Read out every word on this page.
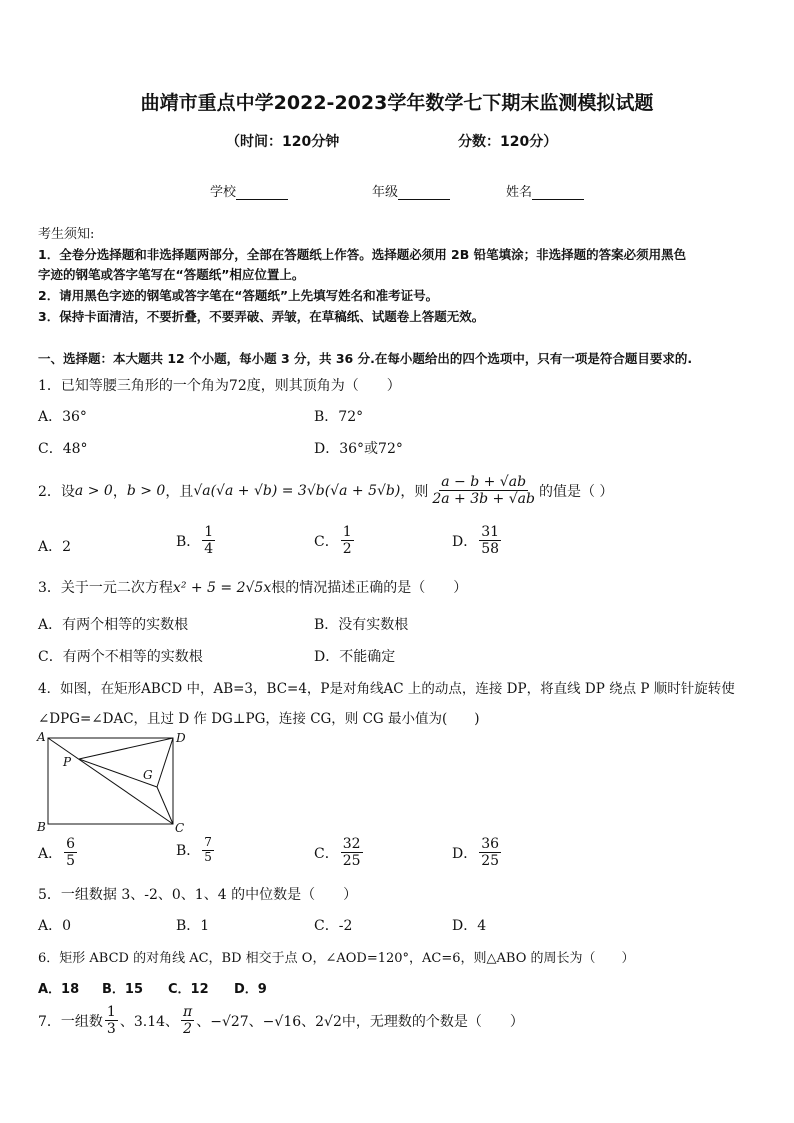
曲靖市重点中学2022-2023学年数学七下期末监测模拟试题
（时间：120分钟	分数：120分）
学校	年级	姓名
考生须知:
1．全卷分选择题和非选择题两部分，全部在答题纸上作答。选择题必须用 2B 铅笔填涂；非选择题的答案必须用黑色
字迹的钢笔或答字笔写在“答题纸”相应位置上。
2．请用黑色字迹的钢笔或答字笔在“答题纸”上先填写姓名和准考证号。
3．保持卡面清洁，不要折叠，不要弄破、弄皱，在草稿纸、试题卷上答题无效。
一、选择题：本大题共 12 个小题，每小题 3 分，共 36 分.在每小题给出的四个选项中，只有一项是符合题目要求的.
1．已知等腰三角形的一个角为72度，则其顶角为（　　）
A．36°	B．72°
C．48°	D．36°或72°
2．设 a > 0 ， b > 0 ，且 √a(√a + √b) = 3√b(√a + 5√b) ，则 $\frac{a - b + √ab}{2a + 3b + √ab}$ 的值是（ ）
A．2	B． $\frac{1}{4}$	C． $\frac{1}{2}$	D． $\frac{31}{58}$
3．关于一元二次方程x² + 5 = 2√5x根的情况描述正确的是（　　）
A．有两个相等的实数根	B．没有实数根
C．有两个不相等的实数根	D．不能确定
4．如图，在矩形ABCD 中，AB=3，BC=4，P是对角线AC 上的动点，连接 DP，将直线 DP 绕点 P 顺时针旋转使
∠DPG=∠DAC，且过 D 作 DG⊥PG，连接 CG，则 CG 最小值为(　　)
A	D
B	C
P
G
A． $\frac{6}{5}$	B． $\frac{7}{5}$	C． $\frac{32}{25}$	D． $\frac{36}{25}$
5．一组数据 3、-2、0、1、4 的中位数是（　　）
A．0	B．1	C．-2	D．4
6．矩形 ABCD 的对角线 AC，BD 相交于点 O，∠AOD=120°，AC=6，则△ABO 的周长为（　　）
A．18 B．15 C．12 D．9
7．一组数 $\frac{1}{3}$ 、3.14、 $\frac{\pi}{2}$ 、−√27、−√16、2√2 中，无理数的个数是（　　）
